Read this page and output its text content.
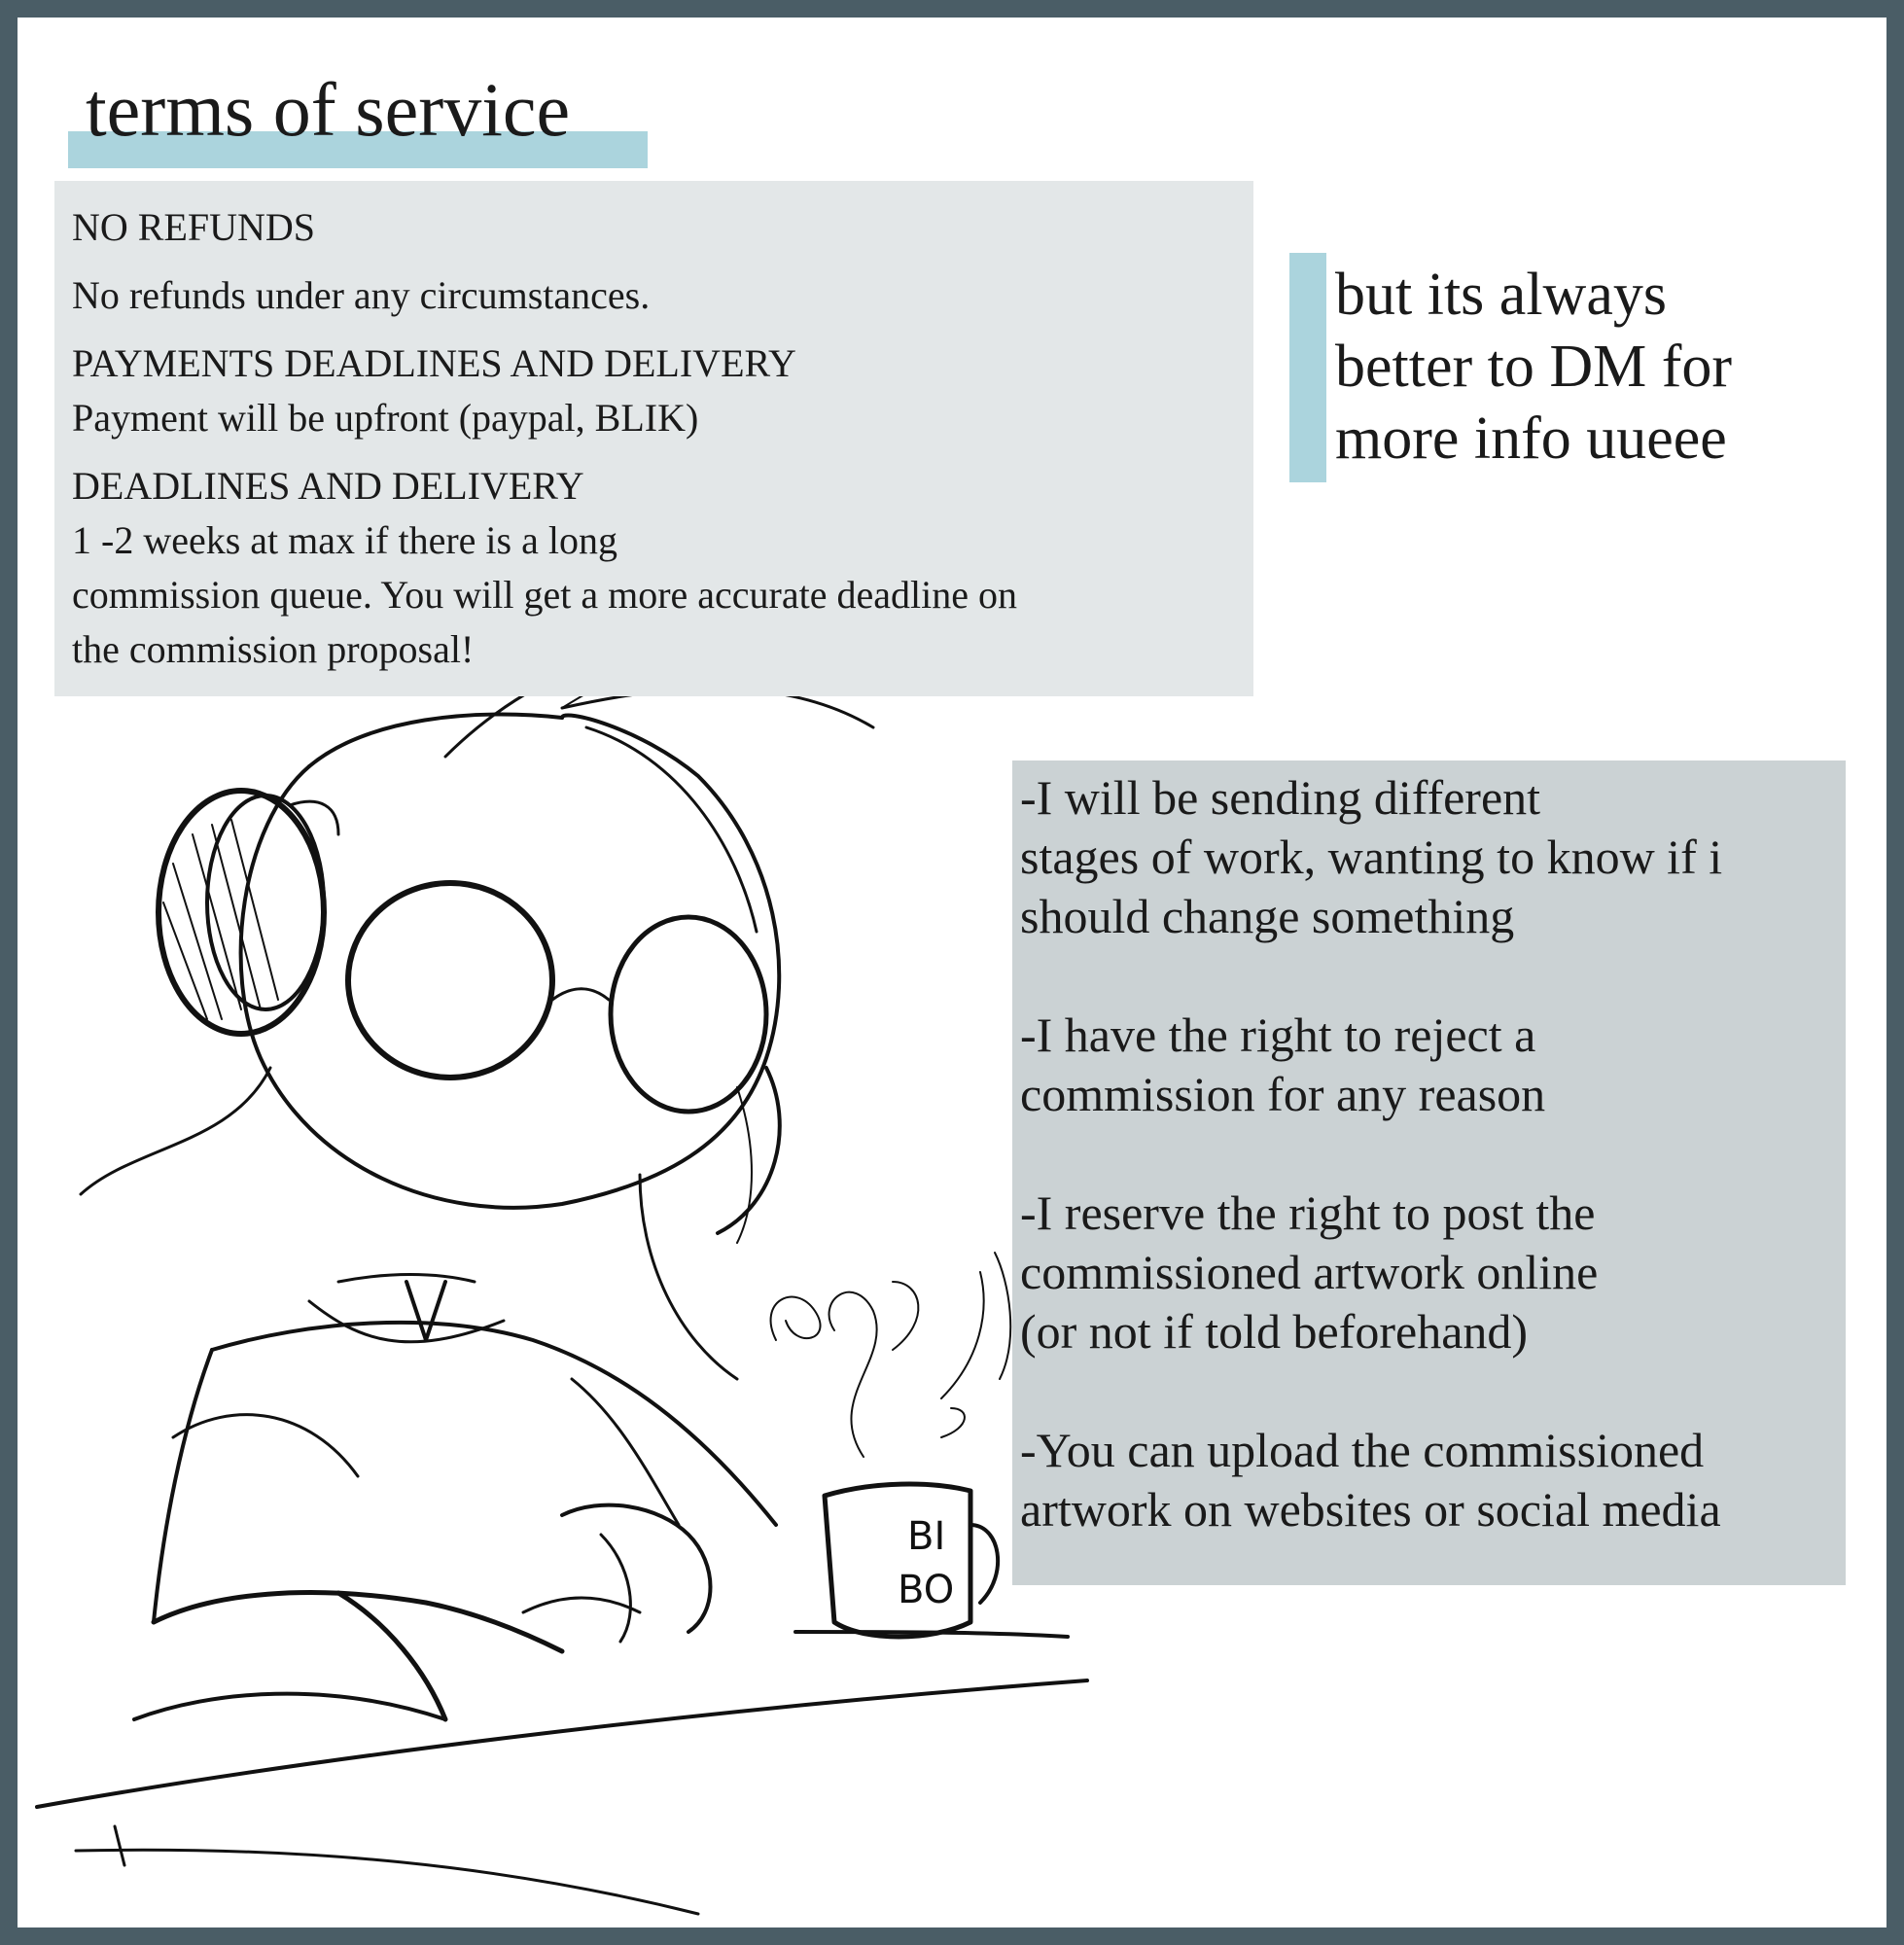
BI
BO
terms of service
NO REFUNDS
No refunds under any circumstances.
PAYMENTS DEADLINES AND DELIVERY
Payment will be upfront (paypal, BLIK)
DEADLINES AND DELIVERY
1 -2 weeks at max if there is a long
commission queue. You will get a more accurate deadline on
the commission proposal!
but its always
better to DM for
more info uueee

-I will be sending different
stages of work, wanting to know if i
should change something

-I have the right to reject a
commission for any reason

-I reserve the right to post the
commissioned artwork online
(or not if told beforehand)

-You can upload the commissioned
artwork on websites or social media
